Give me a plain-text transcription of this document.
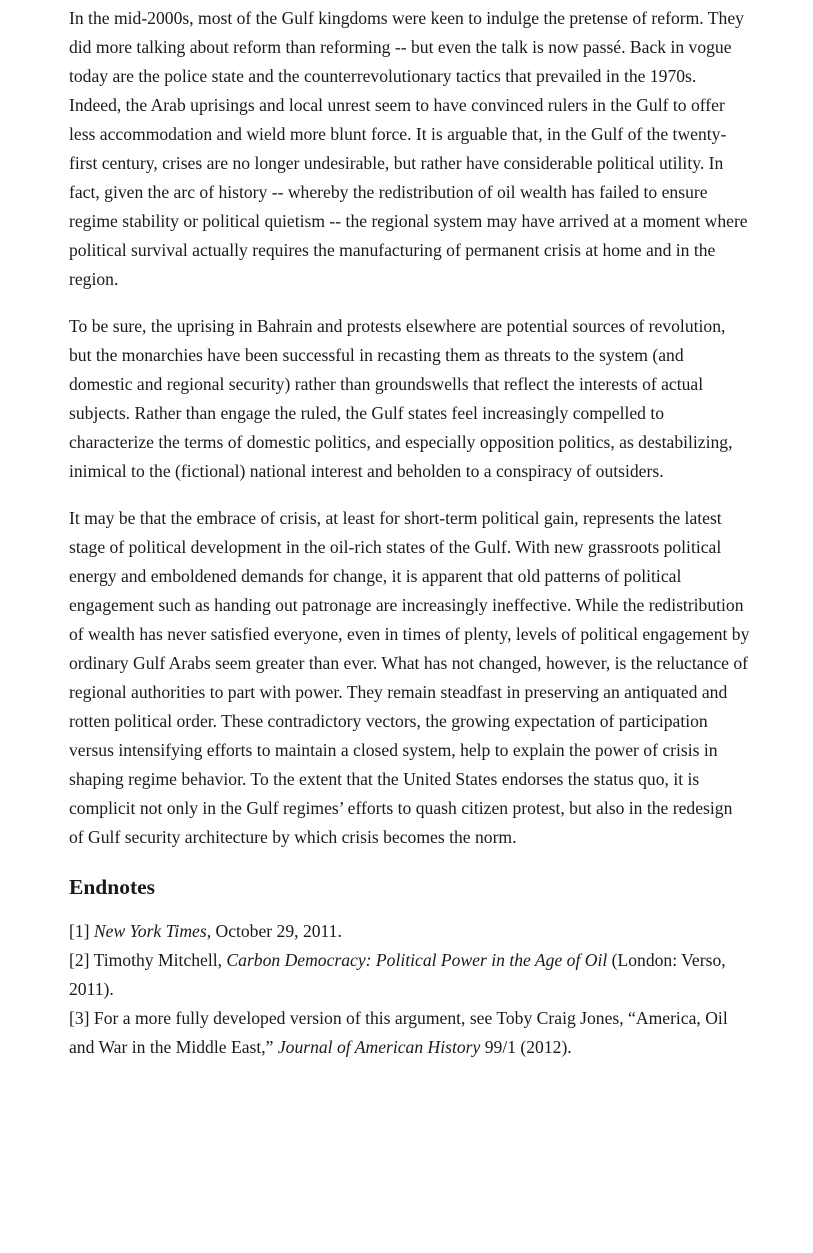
In the mid-2000s, most of the Gulf kingdoms were keen to indulge the pretense of reform. They did more talking about reform than reforming -- but even the talk is now passé. Back in vogue today are the police state and the counterrevolutionary tactics that prevailed in the 1970s. Indeed, the Arab uprisings and local unrest seem to have convinced rulers in the Gulf to offer less accommodation and wield more blunt force. It is arguable that, in the Gulf of the twenty-first century, crises are no longer undesirable, but rather have considerable political utility. In fact, given the arc of history -- whereby the redistribution of oil wealth has failed to ensure regime stability or political quietism -- the regional system may have arrived at a moment where political survival actually requires the manufacturing of permanent crisis at home and in the region.

To be sure, the uprising in Bahrain and protests elsewhere are potential sources of revolution, but the monarchies have been successful in recasting them as threats to the system (and domestic and regional security) rather than groundswells that reflect the interests of actual subjects. Rather than engage the ruled, the Gulf states feel increasingly compelled to characterize the terms of domestic politics, and especially opposition politics, as destabilizing, inimical to the (fictional) national interest and beholden to a conspiracy of outsiders.

It may be that the embrace of crisis, at least for short-term political gain, represents the latest stage of political development in the oil-rich states of the Gulf. With new grassroots political energy and emboldened demands for change, it is apparent that old patterns of political engagement such as handing out patronage are increasingly ineffective. While the redistribution of wealth has never satisfied everyone, even in times of plenty, levels of political engagement by ordinary Gulf Arabs seem greater than ever. What has not changed, however, is the reluctance of regional authorities to part with power. They remain steadfast in preserving an antiquated and rotten political order. These contradictory vectors, the growing expectation of participation versus intensifying efforts to maintain a closed system, help to explain the power of crisis in shaping regime behavior. To the extent that the United States endorses the status quo, it is complicit not only in the Gulf regimes’ efforts to quash citizen protest, but also in the redesign of Gulf security architecture by which crisis becomes the norm.

Endnotes
[1] New York Times, October 29, 2011.
[2] Timothy Mitchell, Carbon Democracy: Political Power in the Age of Oil (London: Verso, 2011).
[3] For a more fully developed version of this argument, see Toby Craig Jones, “America, Oil and War in the Middle East,” Journal of American History 99/1 (2012).
